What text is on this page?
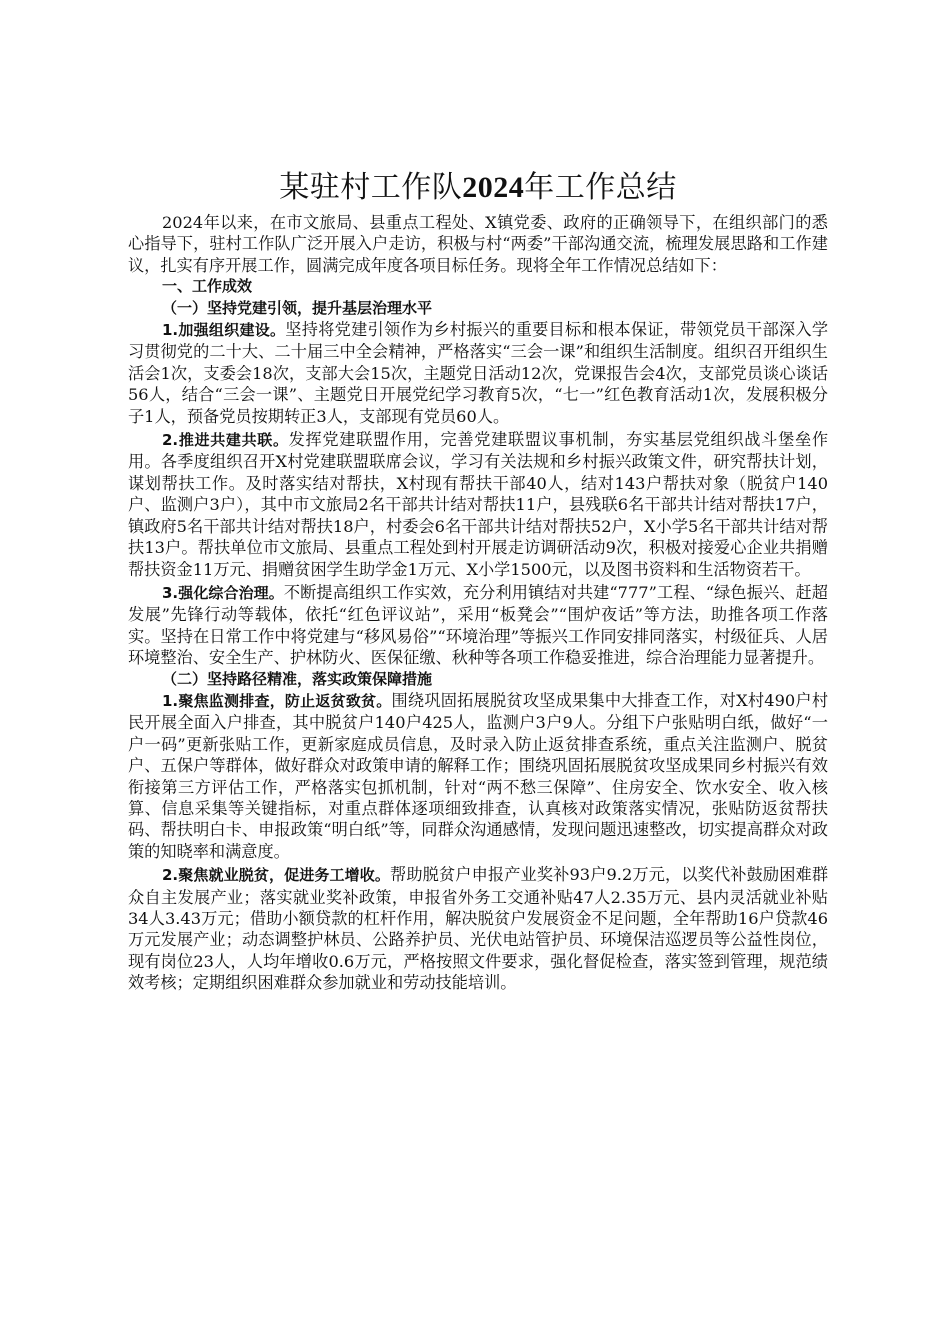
某驻村工作队2024年工作总结

2024年以来，在市文旅局、县重点工程处、X镇党委、政府的正确领导下，在组织部门的悉心指导下，驻村工作队广泛开展入户走访，积极与村“两委”干部沟通交流，梳理发展思路和工作建议，扎实有序开展工作，圆满完成年度各项目标任务。现将全年工作情况总结如下：

一、工作成效

（一）坚持党建引领，提升基层治理水平

1.加强组织建设。坚持将党建引领作为乡村振兴的重要目标和根本保证，带领党员干部深入学习贯彻党的二十大、二十届三中全会精神，严格落实“三会一课”和组织生活制度。组织召开组织生活会1次，支委会18次，支部大会15次，主题党日活动12次，党课报告会4次，支部党员谈心谈话56人，结合“三会一课”、主题党日开展党纪学习教育5次，“七一”红色教育活动1次，发展积极分子1人，预备党员按期转正3人，支部现有党员60人。

2.推进共建共联。发挥党建联盟作用，完善党建联盟议事机制，夯实基层党组织战斗堡垒作用。各季度组织召开X村党建联盟联席会议，学习有关法规和乡村振兴政策文件，研究帮扶计划，谋划帮扶工作。及时落实结对帮扶，X村现有帮扶干部40人，结对143户帮扶对象（脱贫户140户、监测户3户），其中市文旅局2名干部共计结对帮扶11户，县残联6名干部共计结对帮扶17户，镇政府5名干部共计结对帮扶18户，村委会6名干部共计结对帮扶52户，X小学5名干部共计结对帮扶13户。帮扶单位市文旅局、县重点工程处到村开展走访调研活动9次，积极对接爱心企业共捐赠帮扶资金11万元、捐赠贫困学生助学金1万元、X小学1500元，以及图书资料和生活物资若干。

3.强化综合治理。不断提高组织工作实效，充分利用镇结对共建“777”工程、“绿色振兴、赶超发展”先锋行动等载体，依托“红色评议站”，采用“板凳会”“围炉夜话”等方法，助推各项工作落实。坚持在日常工作中将党建与“移风易俗”“环境治理”等振兴工作同安排同落实，村级征兵、人居环境整治、安全生产、护林防火、医保征缴、秋种等各项工作稳妥推进，综合治理能力显著提升。

（二）坚持路径精准，落实政策保障措施

1.聚焦监测排查，防止返贫致贫。围绕巩固拓展脱贫攻坚成果集中大排查工作，对X村490户村民开展全面入户排查，其中脱贫户140户425人，监测户3户9人。分组下户张贴明白纸，做好“一户一码”更新张贴工作，更新家庭成员信息，及时录入防止返贫排查系统，重点关注监测户、脱贫户、五保户等群体，做好群众对政策申请的解释工作；围绕巩固拓展脱贫攻坚成果同乡村振兴有效衔接第三方评估工作，严格落实包抓机制，针对“两不愁三保障”、住房安全、饮水安全、收入核算、信息采集等关键指标，对重点群体逐项细致排查，认真核对政策落实情况，张贴防返贫帮扶码、帮扶明白卡、申报政策“明白纸”等，同群众沟通感情，发现问题迅速整改，切实提高群众对政策的知晓率和满意度。

2.聚焦就业脱贫，促进务工增收。帮助脱贫户申报产业奖补93户9.2万元，以奖代补鼓励困难群众自主发展产业；落实就业奖补政策，申报省外务工交通补贴47人2.35万元、县内灵活就业补贴34人3.43万元；借助小额贷款的杠杆作用，解决脱贫户发展资金不足问题，全年帮助16户贷款46万元发展产业；动态调整护林员、公路养护员、光伏电站管护员、环境保洁巡逻员等公益性岗位，现有岗位23人，人均年增收0.6万元，严格按照文件要求，强化督促检查，落实签到管理，规范绩效考核；定期组织困难群众参加就业和劳动技能培训。
